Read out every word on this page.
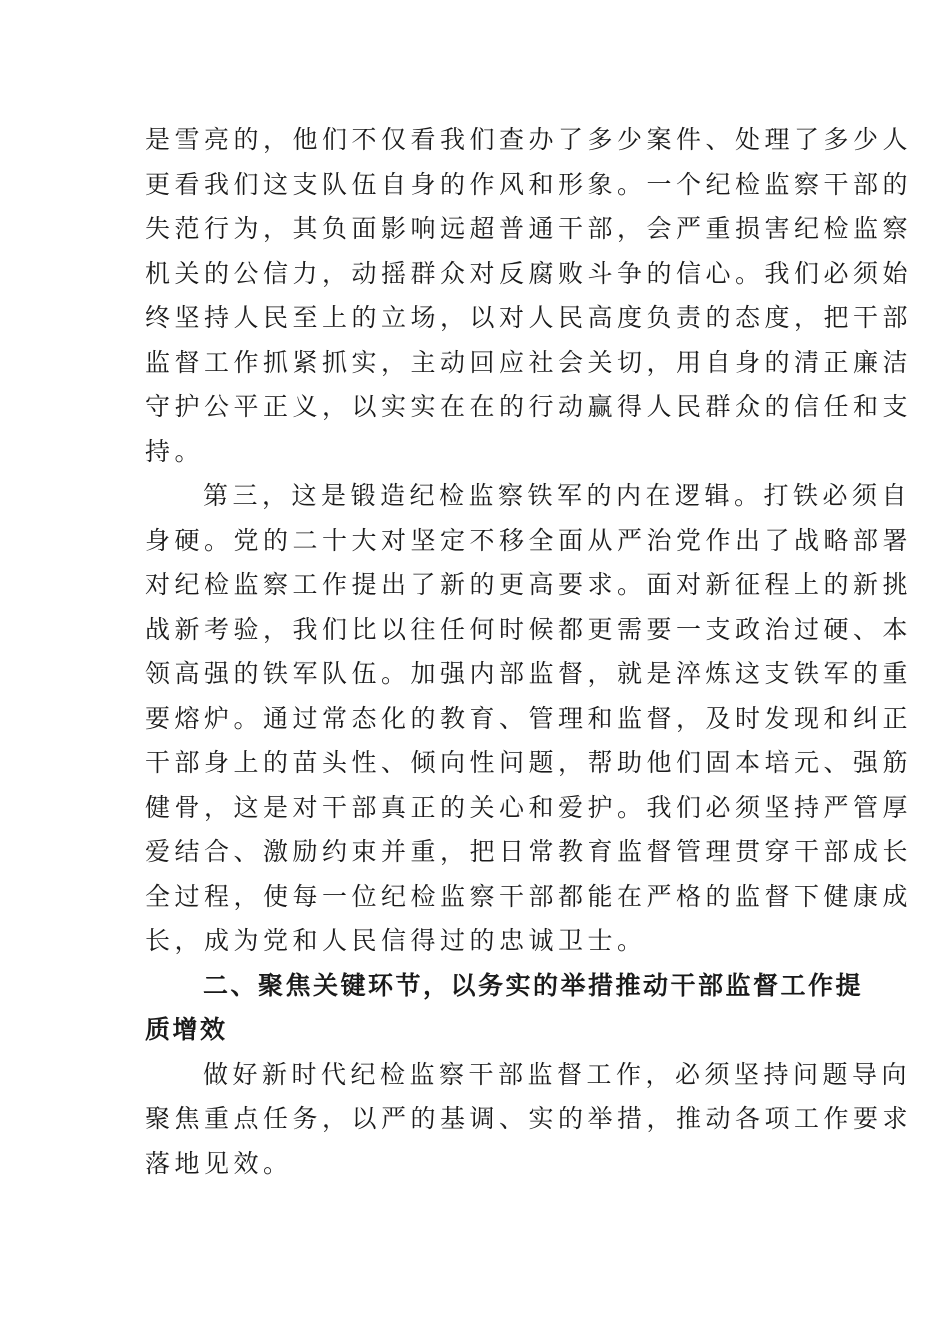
是雪亮的，他们不仅看我们查办了多少案件、处理了多少人
更看我们这支队伍自身的作风和形象。一个纪检监察干部的
失范行为，其负面影响远超普通干部，会严重损害纪检监察
机关的公信力，动摇群众对反腐败斗争的信心。我们必须始
终坚持人民至上的立场，以对人民高度负责的态度，把干部
监督工作抓紧抓实，主动回应社会关切，用自身的清正廉洁
守护公平正义，以实实在在的行动赢得人民群众的信任和支
持。
第三，这是锻造纪检监察铁军的内在逻辑。打铁必须自
身硬。党的二十大对坚定不移全面从严治党作出了战略部署
对纪检监察工作提出了新的更高要求。面对新征程上的新挑
战新考验，我们比以往任何时候都更需要一支政治过硬、本
领高强的铁军队伍。加强内部监督，就是淬炼这支铁军的重
要熔炉。通过常态化的教育、管理和监督，及时发现和纠正
干部身上的苗头性、倾向性问题，帮助他们固本培元、强筋
健骨，这是对干部真正的关心和爱护。我们必须坚持严管厚
爱结合、激励约束并重，把日常教育监督管理贯穿干部成长
全过程，使每一位纪检监察干部都能在严格的监督下健康成
长，成为党和人民信得过的忠诚卫士。
二、聚焦关键环节，以务实的举措推动干部监督工作提
质增效
做好新时代纪检监察干部监督工作，必须坚持问题导向
聚焦重点任务，以严的基调、实的举措，推动各项工作要求
落地见效。
